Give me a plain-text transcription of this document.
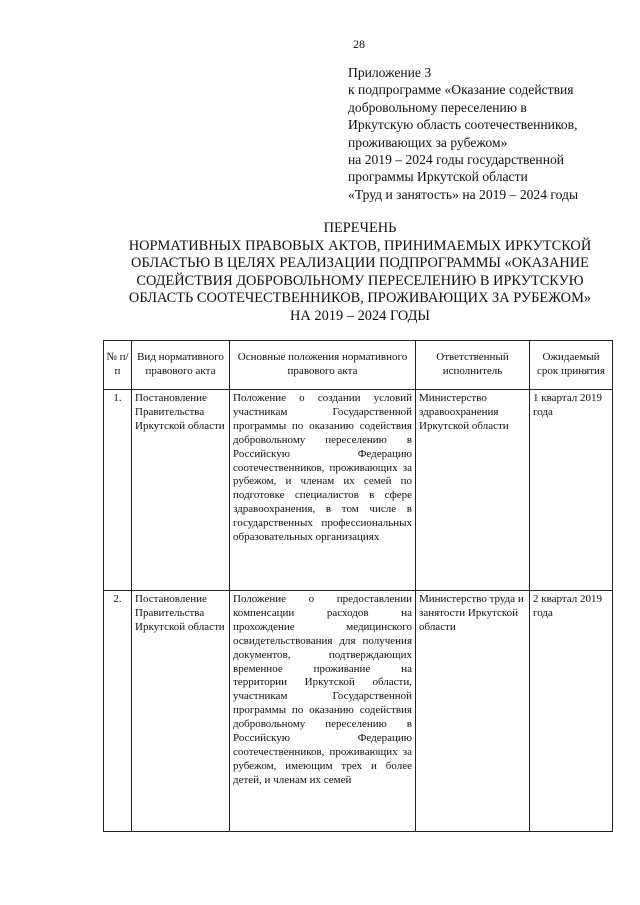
28
Приложение 3
к подпрограмме «Оказание содействия
добровольному переселению в
Иркутскую область соотечественников,
проживающих за рубежом»
на 2019 – 2024 годы государственной
программы Иркутской области
«Труд и занятость» на 2019 – 2024 годы
ПЕРЕЧЕНЬ
НОРМАТИВНЫХ ПРАВОВЫХ АКТОВ, ПРИНИМАЕМЫХ ИРКУТСКОЙ
ОБЛАСТЬЮ В ЦЕЛЯХ РЕАЛИЗАЦИИ ПОДПРОГРАММЫ «ОКАЗАНИЕ
СОДЕЙСТВИЯ ДОБРОВОЛЬНОМУ ПЕРЕСЕЛЕНИЮ В ИРКУТСКУЮ
ОБЛАСТЬ СООТЕЧЕСТВЕННИКОВ, ПРОЖИВАЮЩИХ ЗА РУБЕЖОМ»
НА 2019 – 2024 ГОДЫ
№ п/п	Вид нормативного правового акта	Основные положения нормативного правового акта	Ответственный исполнитель	Ожидаемый срок принятия
1.	Постановление Правительства Иркутской области	Положение о создании условий участникам Государственной программы по оказанию содействия добровольному переселению в Российскую Федерацию соотечественников, проживающих за рубежом, и членам их семей по подготовке специалистов в сфере здравоохранения, в том числе в государственных профессиональных образовательных организациях	Министерство здравоохранения Иркутской области	1 квартал 2019 года
2.	Постановление Правительства Иркутской области	Положение о предоставлении компенсации расходов на прохождение медицинского освидетельствования для получения документов, подтверждающих временное проживание на территории Иркутской области, участникам Государственной программы по оказанию содействия добровольному переселению в Российскую Федерацию соотечественников, проживающих за рубежом, имеющим трех и более детей, и членам их семей	Министерство труда и занятости Иркутской области	2 квартал 2019 года
